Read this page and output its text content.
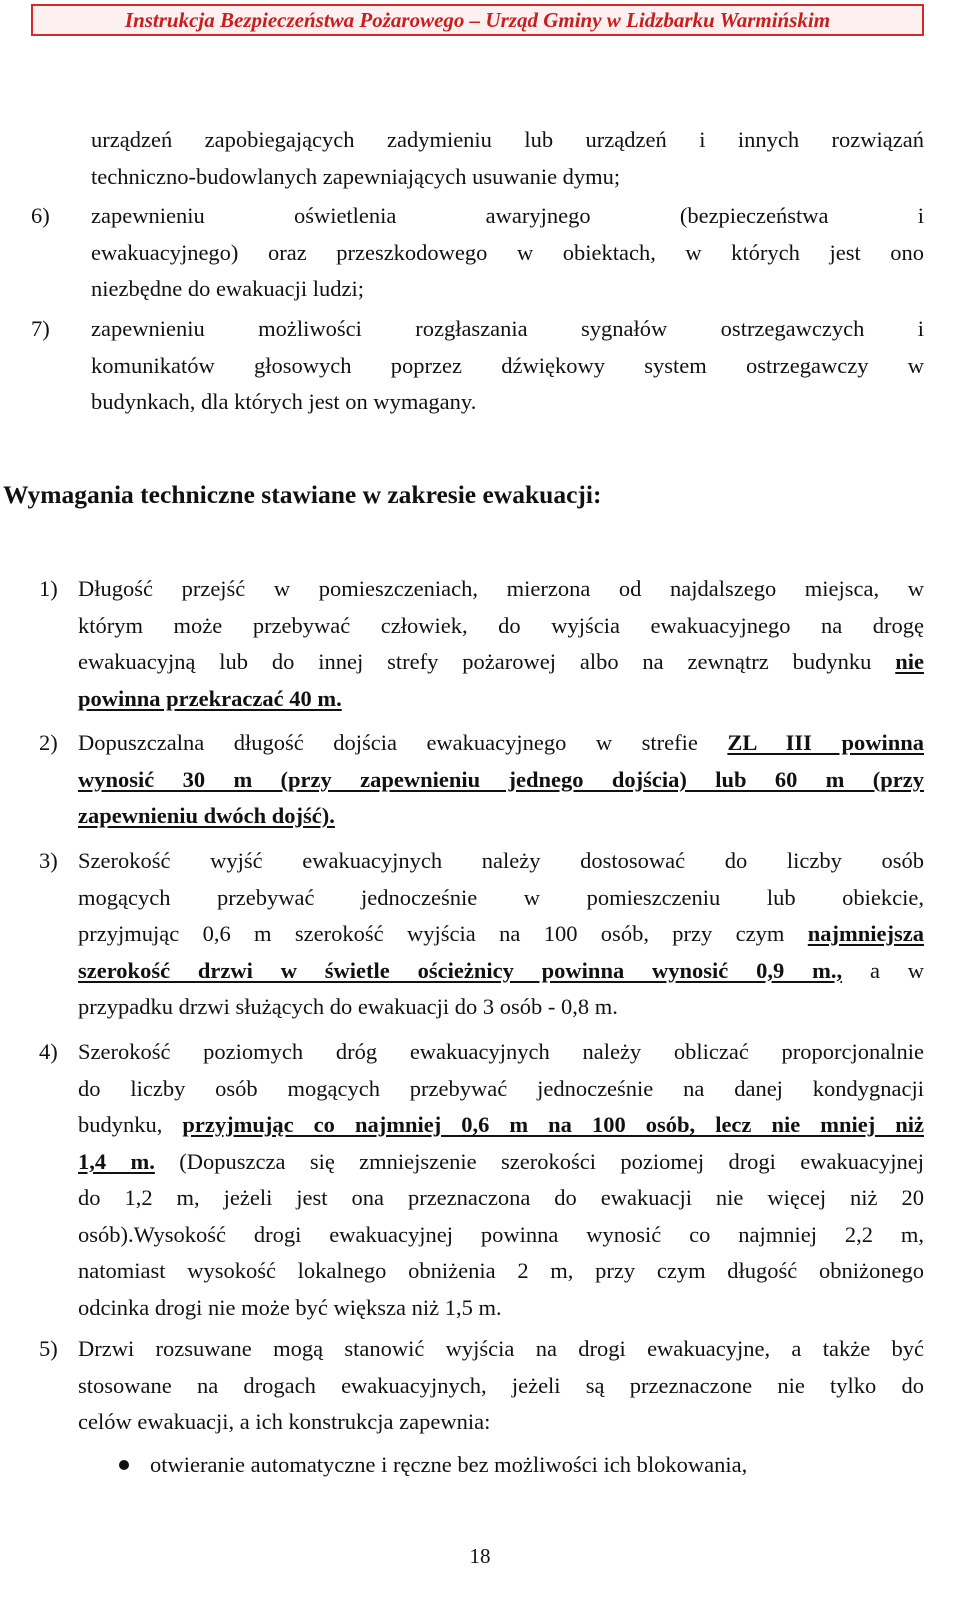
Instrukcja Bezpieczeństwa Pożarowego – Urząd Gminy w Lidzbarku Warmińskim
urządzeń zapobiegających zadymieniu lub urządzeń i innych rozwiązań
techniczno-budowlanych zapewniających usuwanie dymu;
6) zapewnieniu oświetlenia awaryjnego (bezpieczeństwa i
ewakuacyjnego) oraz przeszkodowego w obiektach, w których jest ono
niezbędne do ewakuacji ludzi;
7) zapewnieniu możliwości rozgłaszania sygnałów ostrzegawczych i
komunikatów głosowych poprzez dźwiękowy system ostrzegawczy w
budynkach, dla których jest on wymagany.
Wymagania techniczne stawiane w zakresie ewakuacji:
1) Długość przejść w pomieszczeniach, mierzona od najdalszego miejsca, w
którym może przebywać człowiek, do wyjścia ewakuacyjnego na drogę
ewakuacyjną lub do innej strefy pożarowej albo na zewnątrz budynku nie
powinna przekraczać 40 m.
2) Dopuszczalna długość dojścia ewakuacyjnego w strefie ZL III powinna
wynosić 30 m (przy zapewnieniu jednego dojścia) lub 60 m (przy
zapewnieniu dwóch dojść).
3) Szerokość wyjść ewakuacyjnych należy dostosować do liczby osób
mogących przebywać jednocześnie w pomieszczeniu lub obiekcie,
przyjmując 0,6 m szerokość wyjścia na 100 osób, przy czym najmniejsza
szerokość drzwi w świetle ościeżnicy powinna wynosić 0,9 m., a w
przypadku drzwi służących do ewakuacji do 3 osób - 0,8 m.
4) Szerokość poziomych dróg ewakuacyjnych należy obliczać proporcjonalnie
do liczby osób mogących przebywać jednocześnie na danej kondygnacji
budynku, przyjmując co najmniej 0,6 m na 100 osób, lecz nie mniej niż
1,4 m. (Dopuszcza się zmniejszenie szerokości poziomej drogi ewakuacyjnej
do 1,2 m, jeżeli jest ona przeznaczona do ewakuacji nie więcej niż 20
osób).Wysokość drogi ewakuacyjnej powinna wynosić co najmniej 2,2 m,
natomiast wysokość lokalnego obniżenia 2 m, przy czym długość obniżonego
odcinka drogi nie może być większa niż 1,5 m.
5) Drzwi rozsuwane mogą stanowić wyjścia na drogi ewakuacyjne, a także być
stosowane na drogach ewakuacyjnych, jeżeli są przeznaczone nie tylko do
celów ewakuacji, a ich konstrukcja zapewnia:
otwieranie automatyczne i ręczne bez możliwości ich blokowania,
18
